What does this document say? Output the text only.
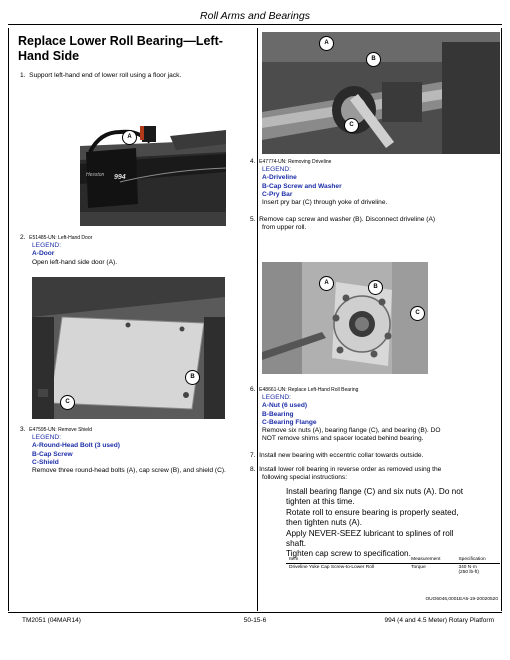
Roll Arms and Bearings
Replace Lower Roll Bearing—Left-Hand Side
1. Support left-hand end of lower roll using a floor jack.
Hesston 994
A
2. E51485-UN: Left-Hand Door
LEGEND:
A-Door
Open left-hand side door (A).
B
C
3. E47595-UN: Remove Shield
LEGEND:
A-Round-Head Bolt (3 used)
B-Cap Screw
C-Shield
Remove three round-head bolts (A), cap screw (B), and shield (C).
A
B
C
4. E47774-UN: Removing Driveline
LEGEND:
A-Driveline
B-Cap Screw and Washer
C-Pry Bar
Insert pry bar (C) through yoke of driveline.
5. Remove cap screw and washer (B). Disconnect driveline (A)
from upper roll.
A
B
C
6. E48661-UN: Replace Left-Hand Roll Bearing
LEGEND:
A-Nut (6 used)
B-Bearing
C-Bearing Flange
Remove six nuts (A), bearing flange (C), and bearing (B). DO
NOT remove shims and spacer located behind bearing.
7. Install new bearing with eccentric collar towards outside.
8. Install lower roll bearing in reverse order as removed using the
following special instructions:
Install bearing flange (C) and six nuts (A). Do not
tighten at this time.
Rotate roll to ensure bearing is properly seated,
then tighten nuts (A).
Apply NEVER-SEEZ lubricant to splines of roll
shaft.
Tighten cap screw to specification.
Item	Measurement	Specification
Driveline Yoke Cap Screw-to-Lower Roll	Torque	340 N·m
(250 lb-ft)
OUO6046,0001EA5-19-20020520
TM2051 (04MAR14)	50-15-6	994 (4 and 4.5 Meter) Rotary Platform
